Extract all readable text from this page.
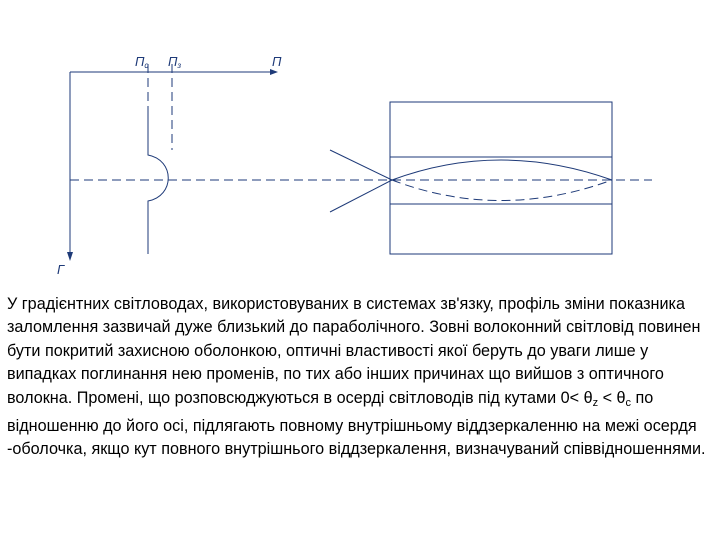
Пс Пз	П
Г

У градієнтних світловодах, використовуваних в системах зв'язку, профіль зміни показника заломлення зазвичай дуже близький до параболічного. Зовні волоконний світловід повинен бути покритий захисною оболонкою, оптичні властивості якої беруть до уваги лише у випадках поглинання нею променів, по тих або інших причинах що вийшов з оптичного волокна. Промені, що розповсюджуються в осерді світловодів під кутами $0< \theta_z < \theta_c$ по відношенню до його осі, підлягають повному внутрішньому віддзеркаленню на межі осердя -оболочка, якщо кут повного внутрішнього віддзеркалення, визначуваний співвідношеннями.
